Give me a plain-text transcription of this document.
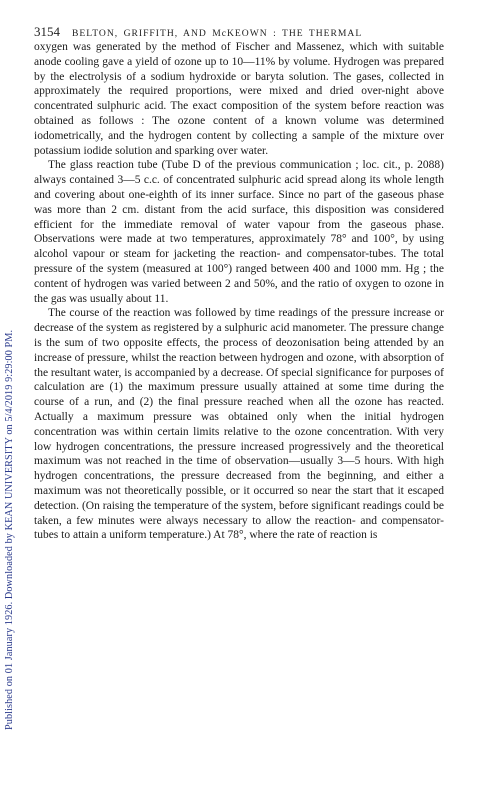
Published on 01 January 1926. Downloaded by KEAN UNIVERSITY on 5/4/2019 9:29:00 PM.
3154 BELTON, GRIFFITH, AND McKEOWN : THE THERMAL

oxygen was generated by the method of Fischer and Massenez, which with suitable anode cooling gave a yield of ozone up to 10—11% by volume. Hydrogen was prepared by the electrolysis of a sodium hydroxide or baryta solution. The gases, collected in approximately the required proportions, were mixed and dried over-night above concentrated sulphuric acid. The exact composition of the system before reaction was obtained as follows : The ozone content of a known volume was determined iodometrically, and the hydrogen content by collecting a sample of the mixture over potassium iodide solution and sparking over water.

The glass reaction tube (Tube D of the previous communication ; loc. cit., p. 2088) always contained 3—5 c.c. of concentrated sulphuric acid spread along its whole length and covering about one-eighth of its inner surface. Since no part of the gaseous phase was more than 2 cm. distant from the acid surface, this disposition was considered efficient for the immediate removal of water vapour from the gaseous phase. Observations were made at two temperatures, approximately 78° and 100°, by using alcohol vapour or steam for jacketing the reaction- and compensator-tubes. The total pressure of the system (measured at 100°) ranged between 400 and 1000 mm. Hg ; the content of hydrogen was varied between 2 and 50%, and the ratio of oxygen to ozone in the gas was usually about 11.

The course of the reaction was followed by time readings of the pressure increase or decrease of the system as registered by a sulphuric acid manometer. The pressure change is the sum of two opposite effects, the process of deozonisation being attended by an increase of pressure, whilst the reaction between hydrogen and ozone, with absorption of the resultant water, is accompanied by a decrease. Of special significance for purposes of calculation are (1) the maximum pressure usually attained at some time during the course of a run, and (2) the final pressure reached when all the ozone has reacted. Actually a maximum pressure was obtained only when the initial hydrogen concentration was within certain limits relative to the ozone concentration. With very low hydrogen concentrations, the pressure increased progressively and the theoretical maximum was not reached in the time of observation—usually 3—5 hours. With high hydrogen concentrations, the pressure decreased from the beginning, and either a maximum was not theoretically possible, or it occurred so near the start that it escaped detection. (On raising the temperature of the system, before significant readings could be taken, a few minutes were always necessary to allow the reaction- and compensator-tubes to attain a uniform temperature.) At 78°, where the rate of reaction is
